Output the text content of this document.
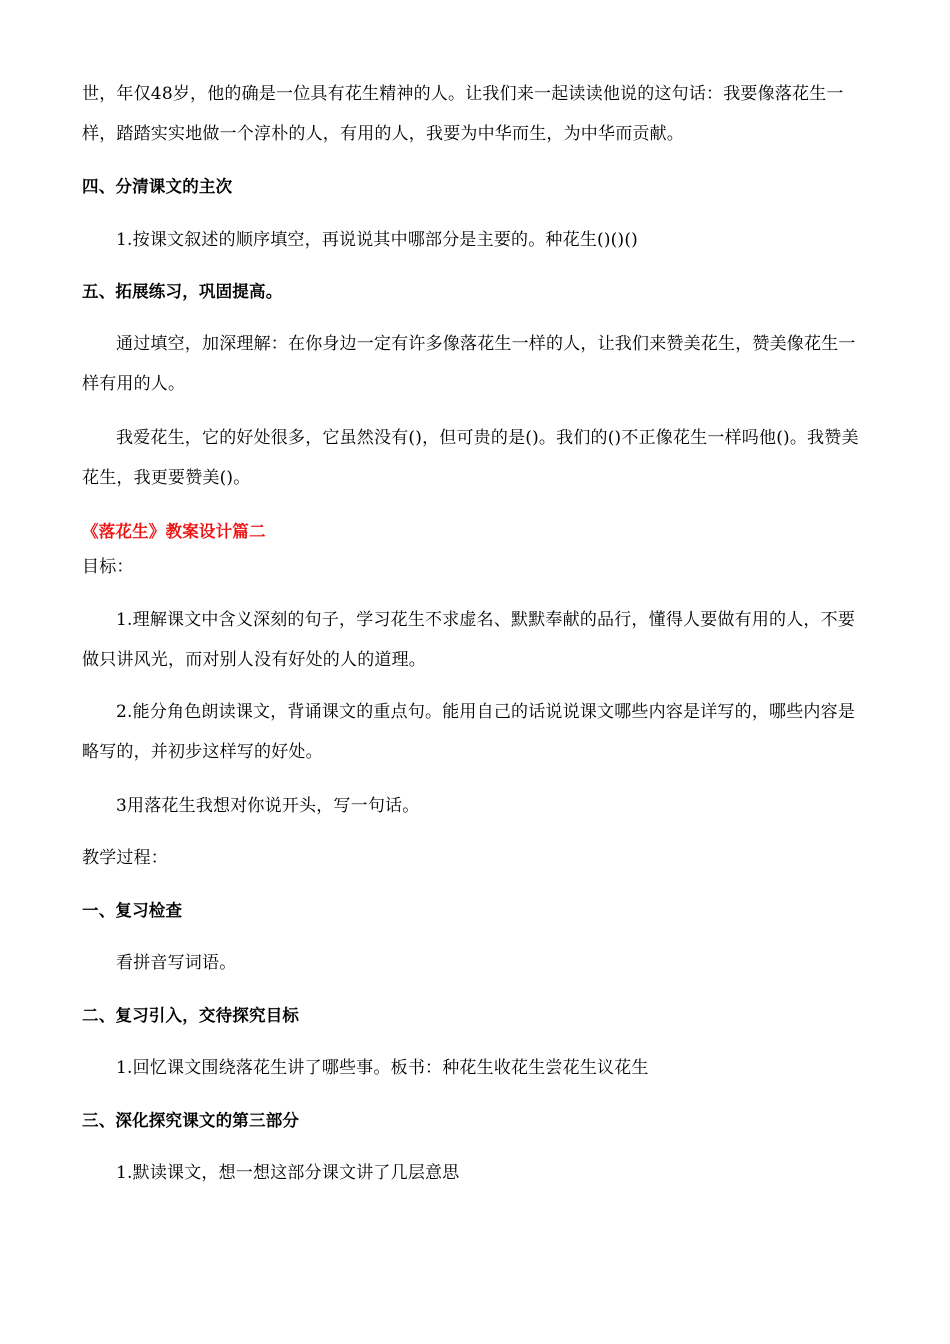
世，年仅48岁，他的确是一位具有花生精神的人。让我们来一起读读他说的这句话：我要像落花生一样，踏踏实实地做一个淳朴的人，有用的人，我要为中华而生，为中华而贡献。

四、分清课文的主次

1.按课文叙述的顺序填空，再说说其中哪部分是主要的。种花生()()()

五、拓展练习，巩固提高。

通过填空，加深理解：在你身边一定有许多像落花生一样的人，让我们来赞美花生，赞美像花生一样有用的人。

我爱花生，它的好处很多，它虽然没有()，但可贵的是()。我们的()不正像花生一样吗他()。我赞美花生，我更要赞美()。

《落花生》教案设计篇二

目标：

1.理解课文中含义深刻的句子，学习花生不求虚名、默默奉献的品行，懂得人要做有用的人，不要做只讲风光，而对别人没有好处的人的道理。

2.能分角色朗读课文，背诵课文的重点句。能用自己的话说说课文哪些内容是详写的，哪些内容是略写的，并初步这样写的好处。

3用落花生我想对你说开头，写一句话。

教学过程：

一、复习检查

看拼音写词语。

二、复习引入，交待探究目标

1.回忆课文围绕落花生讲了哪些事。板书：种花生收花生尝花生议花生

三、深化探究课文的第三部分

1.默读课文，想一想这部分课文讲了几层意思
